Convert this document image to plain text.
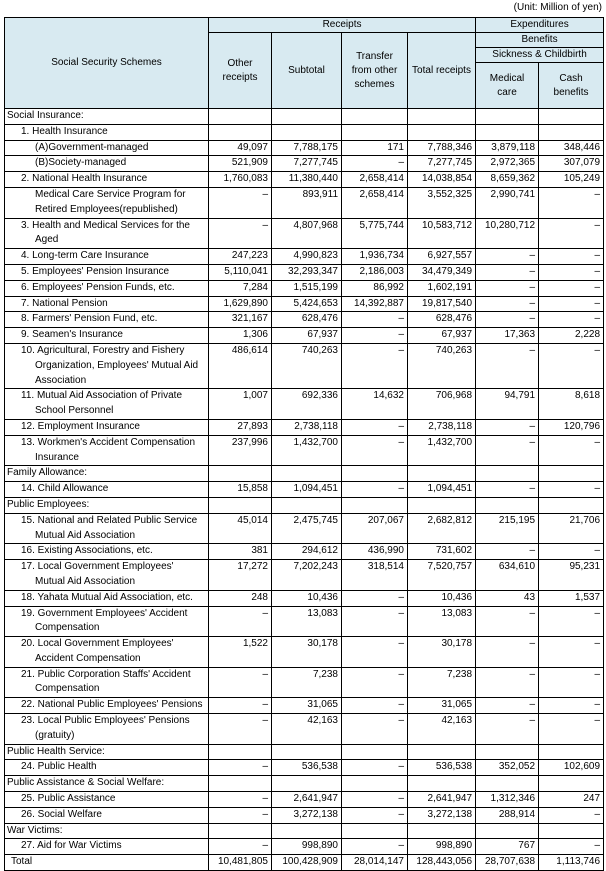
(Unit: Million of yen)
Social Security Schemes	Receipts				Expenditures	
	Other receipts	Subtotal	Transfer from other schemes	Total receipts	Benefits	
					Sickness & Childbirth	
					Medical care	Cash benefits
Social Insurance:						
1. Health Insurance						
(A)Government-managed	49,097	7,788,175	171	7,788,346	3,879,118	348,446
(B)Society-managed	521,909	7,277,745	–	7,277,745	2,972,365	307,079
2. National Health Insurance	1,760,083	11,380,440	2,658,414	14,038,854	8,659,362	105,249
Medical Care Service Program for Retired Employees(republished)	–	893,911	2,658,414	3,552,325	2,990,741	–
3. Health and Medical Services for the Aged	–	4,807,968	5,775,744	10,583,712	10,280,712	–
4. Long-term Care Insurance	247,223	4,990,823	1,936,734	6,927,557	–	–
5. Employees' Pension Insurance	5,110,041	32,293,347	2,186,003	34,479,349	–	–
6. Employees' Pension Funds, etc.	7,284	1,515,199	86,992	1,602,191	–	–
7. National Pension	1,629,890	5,424,653	14,392,887	19,817,540	–	–
8. Farmers' Pension Fund, etc.	321,167	628,476	–	628,476	–	–
9. Seamen's Insurance	1,306	67,937	–	67,937	17,363	2,228
10. Agricultural, Forestry and Fishery Organization, Employees' Mutual Aid Association	486,614	740,263	–	740,263	–	–
11. Mutual Aid Association of Private School Personnel	1,007	692,336	14,632	706,968	94,791	8,618
12. Employment Insurance	27,893	2,738,118	–	2,738,118	–	120,796
13. Workmen's Accident Compensation Insurance	237,996	1,432,700	–	1,432,700	–	–
Family Allowance:						
14. Child Allowance	15,858	1,094,451	–	1,094,451	–	–
Public Employees:						
15. National and Related Public Service Mutual Aid Association	45,014	2,475,745	207,067	2,682,812	215,195	21,706
16. Existing Associations, etc.	381	294,612	436,990	731,602	–	–
17. Local Government Employees' Mutual Aid Association	17,272	7,202,243	318,514	7,520,757	634,610	95,231
18. Yahata Mutual Aid Association, etc.	248	10,436	–	10,436	43	1,537
19. Government Employees' Accident Compensation	–	13,083	–	13,083	–	–
20. Local Government Employees' Accident Compensation	1,522	30,178	–	30,178	–	–
21. Public Corporation Staffs' Accident Compensation	–	7,238	–	7,238	–	–
22. National Public Employees' Pensions	–	31,065	–	31,065	–	–
23. Local Public Employees' Pensions (gratuity)	–	42,163	–	42,163	–	–
Public Health Service:						
24. Public Health	–	536,538	–	536,538	352,052	102,609
Public Assistance & Social Welfare:						
25. Public Assistance	–	2,641,947	–	2,641,947	1,312,346	247
26. Social Welfare	–	3,272,138	–	3,272,138	288,914	–
War Victims:						
27. Aid for War Victims	–	998,890	–	998,890	767	–
Total	10,481,805	100,428,909	28,014,147	128,443,056	28,707,638	1,113,746
